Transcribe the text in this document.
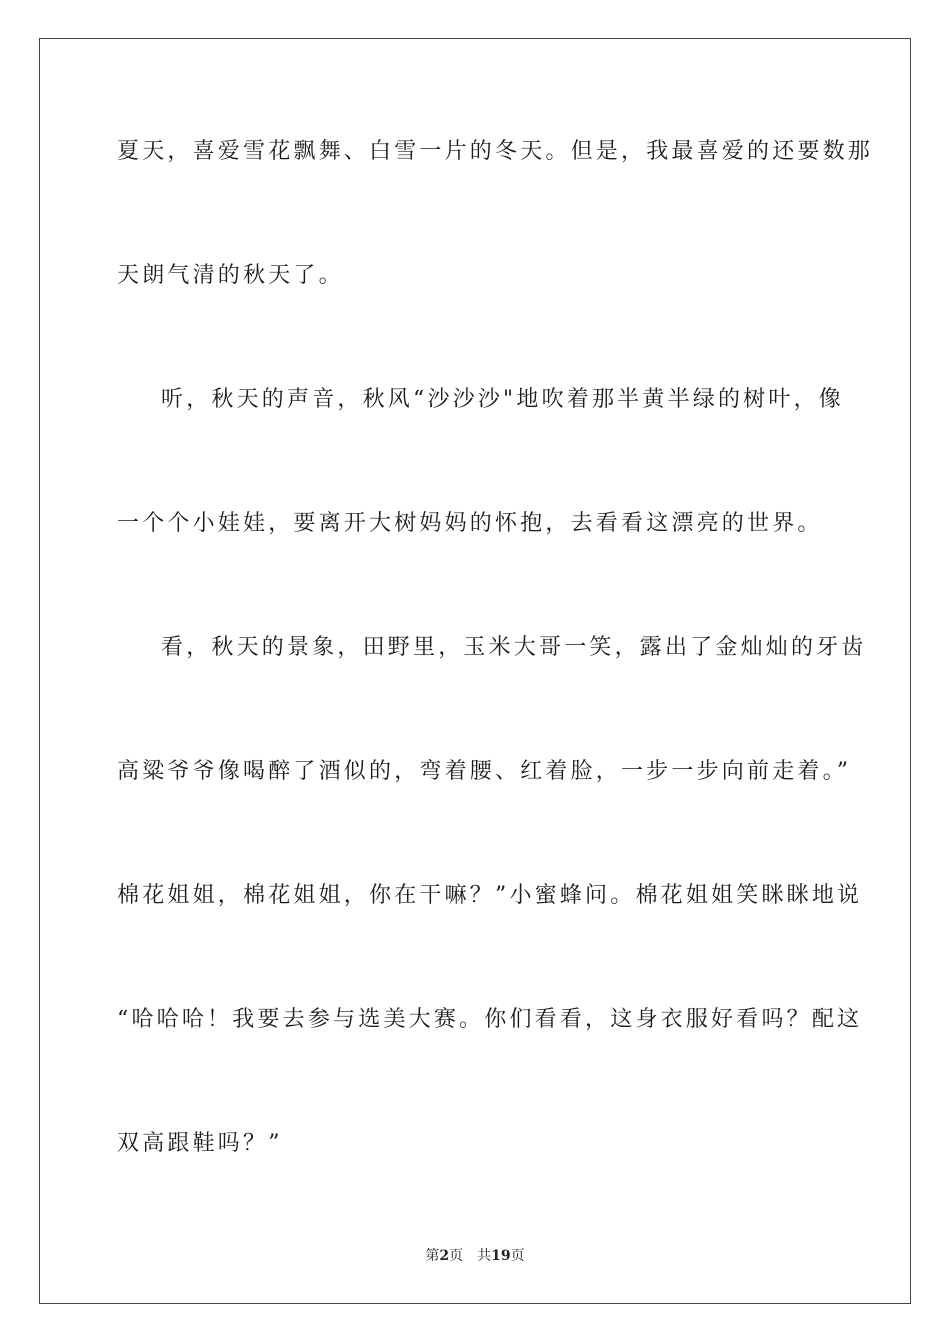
夏天，喜爱雪花飘舞、白雪一片的冬天。但是，我最喜爱的还要数那
天朗气清的秋天了。
听，秋天的声音，秋风“沙沙沙"地吹着那半黄半绿的树叶，像
一个个小娃娃，要离开大树妈妈的怀抱，去看看这漂亮的世界。
看，秋天的景象，田野里，玉米大哥一笑，露出了金灿灿的牙齿
高粱爷爷像喝醉了酒似的，弯着腰、红着脸，一步一步向前走着。”
棉花姐姐，棉花姐姐，你在干嘛？”小蜜蜂问。棉花姐姐笑眯眯地说
“哈哈哈！我要去参与选美大赛。你们看看，这身衣服好看吗？配这
双高跟鞋吗？”
第2页 共19页
